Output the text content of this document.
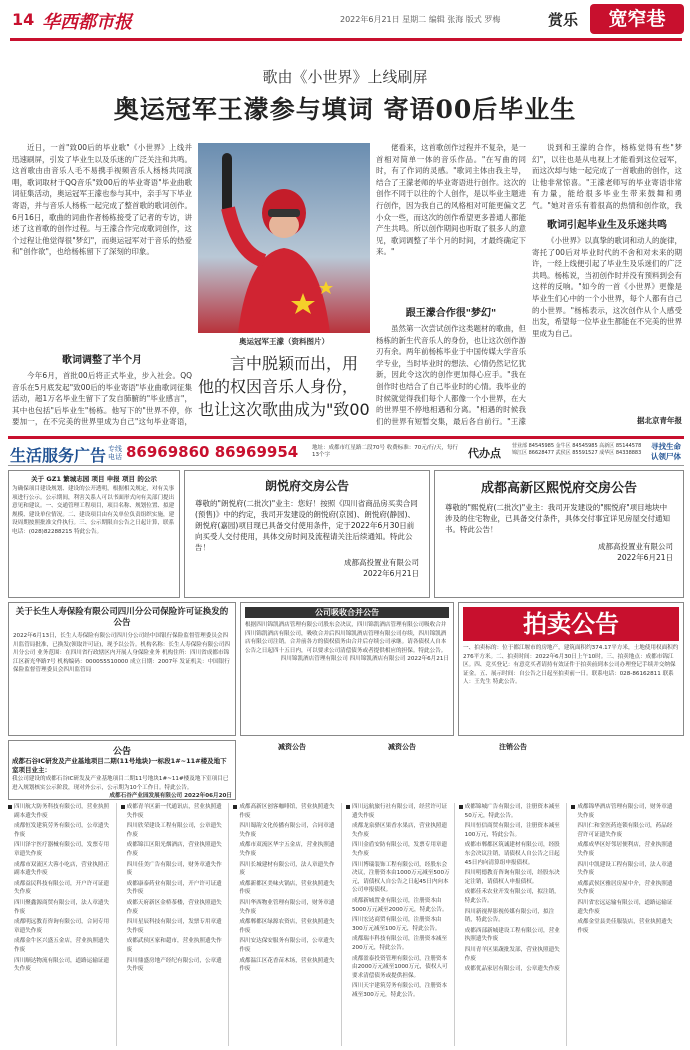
14 华西都市报	2022年6月21日 星期二 编辑 张海 版式 罗梅	赏乐	宽窄巷
歌由《小世界》上线刷屏
奥运冠军王濛参与填词 寄语00后毕业生
近日，一首"致00后的毕业歌"《小世界》上线并迅速刷屏，引发了毕业生以及乐迷的广泛关注和共鸣。这首歌由由音乐人毛不易携手视频音乐人杨杨共同演唱，歌词取材于QQ音乐"致00后的毕业寄语"毕业曲歌词征集活动，奥运冠军王濛也参与其中，亲手写下毕业寄语，并与音乐人杨栋一起完成了整首歌的歌词创作。6月16日，歌曲的词曲作者杨栋接受了记者的专访，讲述了这首歌的创作过程。与王濛合作完成歌词创作，这个过程让他觉得很"梦幻"，而奥运冠军对于音乐的热爱和"创作欲"，也给杨栋留下了深刻的印象。
歌词调整了半个月
今年6月，首批00后将正式毕业，步入社会。QQ音乐在5月底发起"致00后的毕业寄语"毕业曲歌词征集活动，超1万名毕业生留下了发自肺腑的"毕业感言"，其中也包括"后毕业生"杨栋。他写下的"世界不停，你要加一，在不完美的世界里成为自己"这句毕业寄语，
奥运冠军王濛（资料图片）
言中脱颖而出，用他的权因音乐人身份，也让这次歌曲成为"致00
佬看来，这首歌创作过程并不复杂，是一首相对简单一体的音乐作品。"在写曲的同时，有了作词的灵感。"歌词主体由我主导，结合了王濛老师的毕业寄语进行创作。这次的创作不同于以往的个人创作，是以毕业主题进行创作，因为我自己的风格相对可能更偏文艺小众一些，而这次的创作希望更多普通人都能产生共鸣。所以创作期间也听取了很多人的意见，歌词调整了半个月的时间，才最终确定下来。"
跟王濛合作很"梦幻"
虽然第一次尝试创作这类题材的歌曲，但杨栋的新生代音乐人的身份，也让这次创作游刃有余。两年前杨栋毕业于中国传媒大学音乐学专业，当时毕业时的想法、心情仍然记忆犹新，因此令这次的创作更加得心应手。"我在创作时也结合了自己毕业时的心情。我毕业的时候就觉得我们每个人都像一个小世界，在大的世界里不停地相遇和分离。"相遇的时候我们的世界有短暂交集，最后各自前行。"王濛
说到和王濛的合作，杨栋觉得有些"梦幻"，以往也是从电视上才能看到这位冠军，而这次却与她一起完成了一首歌曲的创作，这让他非常惊喜。"王濛老师写的毕业寄语非常有力量，能给很多毕业生带来鼓舞和勇气。"她对音乐有着很高的热情和创作欲，我
歌词引起毕业生及乐迷共鸣
《小世界》以真挚的歌词和动人的旋律，寄托了00后对毕业时代的不舍和对未来的期许，一经上线便引起了毕业生及乐迷们的广泛共鸣。杨栋说，当初创作时并没有预料到会有这样的反响。"如今的一首《小世界》更像是毕业生们心中的一个小世界，每个人都有自己的小世界。"杨栋表示，这次创作从个人感受出发，希望每一位毕业生都能在不完美的世界里成为自己。
据北京青年报
生活服务广告 专线电话 86969860 86969954	地址：成都市红星路二段70号 收费标准：70元/行/天，每行13个字	代办点
营业部 84545985 金牛区 84545985 高新区 85144578 锦江区 86628477 武侯区 85591527 成华区 84338883
寻找生命 认领尸体
关于 GZ1 繁城志园 项目 申报 项目 的公示
为确保项目建设规划、建设的公开透明，根据相关规定，对有关事项进行公示。公示期间，利害关系人可以书面形式向有关部门提出意见和建议。一、交通管理工程项目，项目名称、规划位置、拟建规模、建设单位情况。二、建设项目由有关单位负责组织实施，建设周期按照批准文件执行。三、公示期限自公告之日起计算，联系电话：(028)82288215 特此公告。
朗悦府交房公告
尊敬的"朗悦府(二批次)"业主：您好！按照《四川省商品房买卖合同(预售)》中的约定，我司开发建设的朗悦府(京园)、朗悦府(静园)、朗悦府(嘉园)项目现已具备交付使用条件，定于2022年6月30日前向买受人交付使用，具体交房时间及流程请关注后续通知。特此公告！
成都高投置业有限公司
2022年6月21日
成都高新区熙悦府交房公告
尊敬的"熙悦府(二批次)"业主：我司开发建设的"熙悦府"项目地块中涉及的住宅物业，已具备交付条件，具体交付事宜详见房屋交付通知书。特此公告！
成都高投置业有限公司
2022年6月21日
关于长生人寿保险有限公司四川分公司保险许可证换发的公告
2022年6月13日，长生人寿保险有限公司四川分公司经中国银行保险监督管理委员会四川监管局批准，已换发(领取许可证)，现予以公告。机构名称：长生人寿保险有限公司四川分公司 业务范围：在四川省行政辖区内开展人身保险业务 机构住所：四川省成都市锦江区新光华路7号 机构编码：000055510000 成立日期：2007年 发证机关：中国银行保险监督管理委员会四川监管局
公司吸收合并公告
根据四川锦凯酒店管理有限公司股东会决议，四川锦凯酒店管理有限公司吸收合并四川锦凯酒店有限公司，吸收合并后四川锦凯酒店管理有限公司存续，四川锦凯酒店有限公司注销。合并前各方的债权债务由合并后存续公司承继。请各债权人自本公告之日起四十五日内，可以要求公司清偿债务或者提供相应的担保。特此公告。
四川锦凯酒店管理有限公司 四川锦凯酒店有限公司 2022年6月21日
拍卖公告
一、拍卖标的：位于都江堰市的房地产，建筑面积约374.17平方米，土地使用权面积约276平方米。二、拍卖时间：2022年6月30日上午10时。三、拍卖地点：成都市锦江区。四、竞买登记：有意竞买者请持有效证件于拍卖前到本公司办理登记手续并交纳保证金。五、展示时间：自公告之日起至拍卖前一日。联系电话：028-86162811 联系人：王先生 特此公告。
公告
成都石谷IC研发及产业基地项目二期(11号地块)一标段1#~11#楼及地下室项目业主：
我公司建设的成都石谷IC研发及产业基地项目二期11号地块1#~11#楼及地下室项目已进入规划核实公示阶段，现对外公示，公示期为10个工作日。特此公告。
成都石谷产业园发展有限公司 2022年06月20日
四川航大防务科技有限公司，营业执照副本遗失作废
成都恒发建筑劳务有限公司，公章遗失作废
四川泽宇医疗器械有限公司，发票专用章遗失作废
成都市双流区大蓉小吃店，营业执照正副本遗失作废
成都益民科技有限公司，开户许可证遗失作废
四川聚鑫源商贸有限公司，法人章遗失作废
成都明远教育咨询有限公司，合同专用章遗失作废
成都金牛区兴盛五金店，营业执照遗失作废
四川顺达物流有限公司，道路运输证遗失作废
成都青羊区新一代通讯店，营业执照遗失作废
四川欣荣建设工程有限公司，公章遗失作废
成都锦江区阳光烟酒店，营业执照遗失作废
四川佳美广告有限公司，财务章遗失作废
成都康泰药业有限公司，开户许可证遗失作废
成都天府新区金桥茶楼，营业执照遗失作废
四川星辰科技有限公司，发票专用章遗失作废
成都武侯区家和超市，营业执照遗失作废
四川鼎盛房地产经纪有限公司，公章遗失作废
成都高新区创客咖啡馆，营业执照遗失作废
四川蜀韵文化传播有限公司，合同章遗失作废
成都市双流区华宇五金店，营业执照遗失作废
四川长城建材有限公司，法人章遗失作废
成都新都区美味火锅店，营业执照遗失作废
四川华西物业管理有限公司，财务章遗失作废
成都郫都区绿源农资店，营业执照遗失作废
四川安达保安服务有限公司，公章遗失作废
成都温江区花香苗木场，营业执照遗失作废
四川远航旅行社有限公司，经营许可证遗失作废
成都龙泉驿区果香水果店，营业执照遗失作废
四川金盾安防有限公司，发票专用章遗失作废
四川博瑞装饰工程有限公司，经股东会决议，注册资本由1000万元减至500万元，请债权人自公告之日起45日内向本公司申报债权。
成都新城置业有限公司，注册资本由5000万元减至2000万元，特此公告。
四川宏达商贸有限公司，注册资本由300万元减至100万元，特此公告。
成都瑞丰科技有限公司，注册资本减至200万元，特此公告。
成都盈泰投资管理有限公司，注册资本由2000万元减至1000万元，债权人可要求清偿债务或提供担保。
四川天宇建筑劳务有限公司，注册资本减至300万元，特此公告。
成都锦城广告有限公司，注册资本减至50万元，特此公告。
四川恒信商贸有限公司，注册资本减至100万元，特此公告。
成都市郫都区筑诚建材有限公司，经股东会决议注销，请债权人自公告之日起45日内向清算组申报债权。
四川明德教育咨询有限公司，经股东决定注销，请债权人申报债权。
成都佳禾农业开发有限公司，拟注销，特此公告。
四川新视界影视传媒有限公司，拟注销，特此公告。
成都西部新城建设工程有限公司，营业执照遗失作废
四川青羊区果蔬批发部，营业执照遗失作废
成都优品家居有限公司，公章遗失作废
成都锦华酒店管理有限公司，财务章遗失作废
四川仁和堂医药连锁有限公司，药品经营许可证遗失作废
成都成华区好邻居便利店，营业执照遗失作废
四川中凯建设工程有限公司，法人章遗失作废
成都武侯区雅居房屋中介，营业执照遗失作废
四川省宏远运输有限公司，道路运输证遗失作废
成都金堂县美佳服装店，营业执照遗失作废
减资公告	减资公告	注销公告
